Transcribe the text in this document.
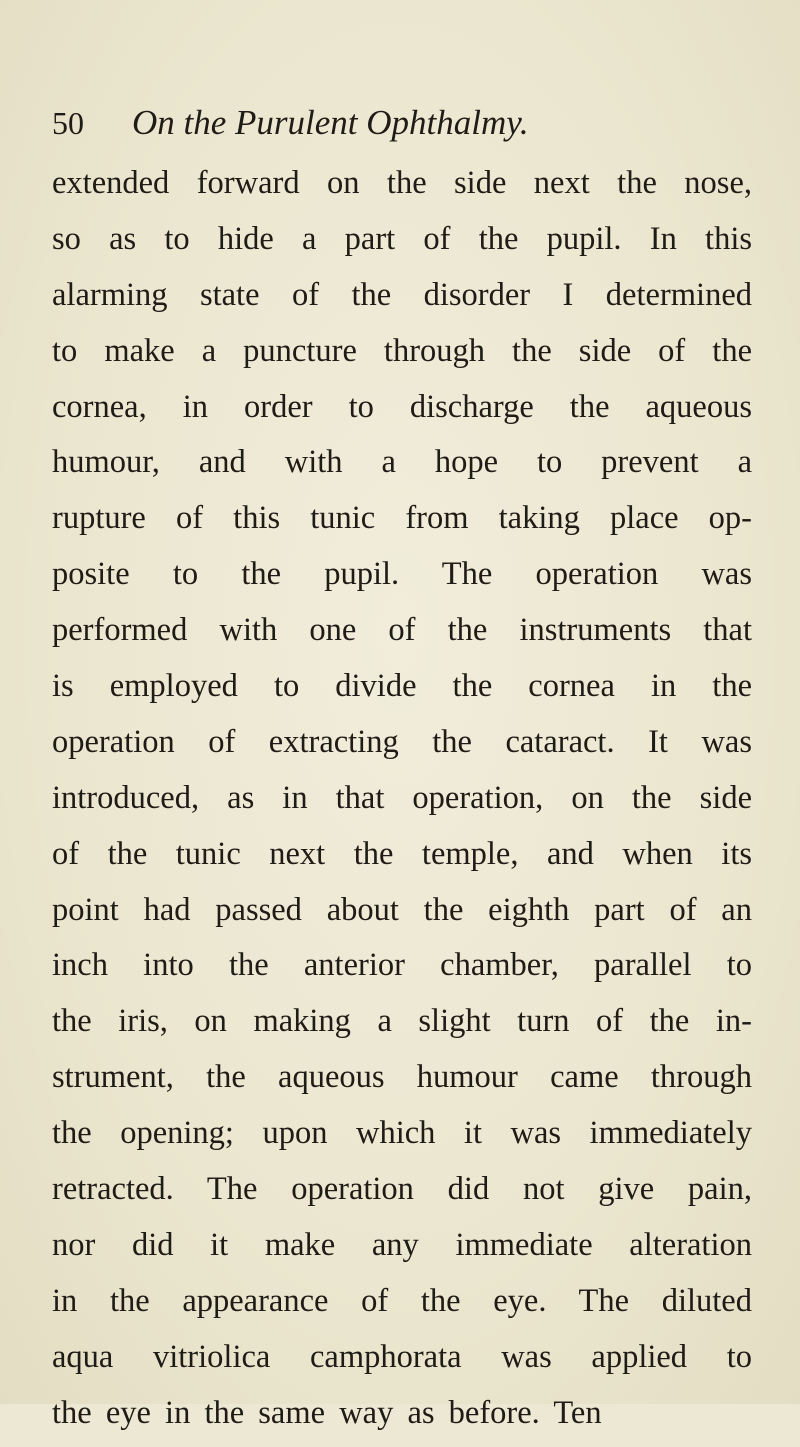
50 On the Purulent Ophthalmy.
extended forward on the side next the nose,
so as to hide a part of the pupil. In this
alarming state of the disorder I determined
to make a puncture through the side of the
cornea, in order to discharge the aqueous
humour, and with a hope to prevent a
rupture of this tunic from taking place op-
posite to the pupil. The operation was
performed with one of the instruments that
is employed to divide the cornea in the
operation of extracting the cataract. It was
introduced, as in that operation, on the side
of the tunic next the temple, and when its
point had passed about the eighth part of an
inch into the anterior chamber, parallel to
the iris, on making a slight turn of the in-
strument, the aqueous humour came through
the opening; upon which it was immediately
retracted. The operation did not give pain,
nor did it make any immediate alteration
in the appearance of the eye. The diluted
aqua vitriolica camphorata was applied to
the eye in the same way as before. Ten
